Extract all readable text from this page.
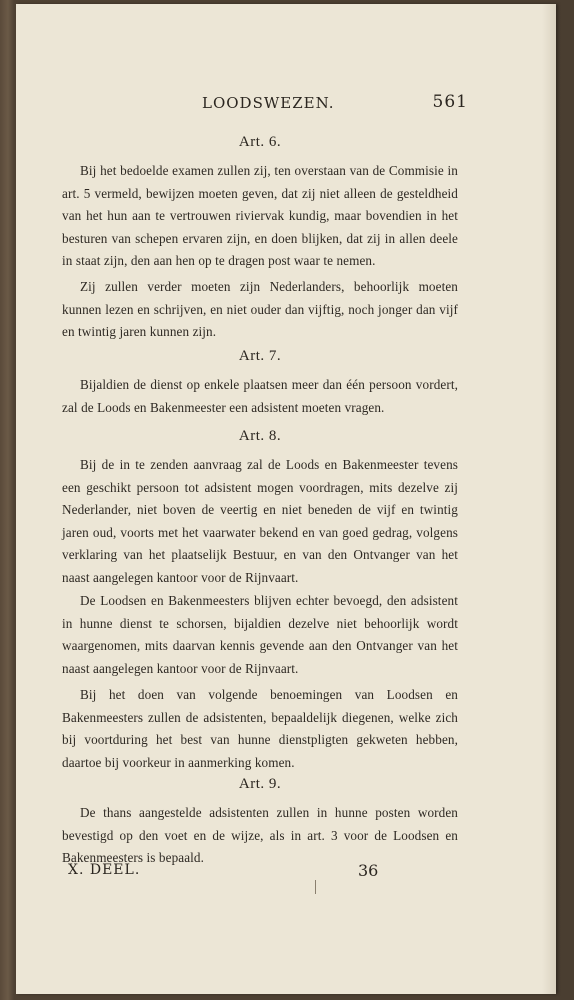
LOODSWEZEN.	561
Art. 6.
Bij het bedoelde examen zullen zij, ten overstaan van de Commisie in art. 5 vermeld, bewijzen moeten geven, dat zij niet alleen de gesteldheid van het hun aan te vertrouwen riviervak kundig, maar bovendien in het besturen van schepen ervaren zijn, en doen blijken, dat zij in allen deele in staat zijn, den aan hen op te dragen post waar te nemen.
Zij zullen verder moeten zijn Nederlanders, behoorlijk moeten kunnen lezen en schrijven, en niet ouder dan vijftig, noch jonger dan vijf en twintig jaren kunnen zijn.
Art. 7.
Bijaldien de dienst op enkele plaatsen meer dan één persoon vordert, zal de Loods en Bakenmeester een adsistent moeten vragen.
Art. 8.
Bij de in te zenden aanvraag zal de Loods en Bakenmeester tevens een geschikt persoon tot adsistent mogen voordragen, mits dezelve zij Nederlander, niet boven de veertig en niet beneden de vijf en twintig jaren oud, voorts met het vaarwater bekend en van goed gedrag, volgens verklaring van het plaatselijk Bestuur, en van den Ontvanger van het naast aangelegen kantoor voor de Rijnvaart.
De Loodsen en Bakenmeesters blijven echter bevoegd, den adsistent in hunne dienst te schorsen, bijaldien dezelve niet behoorlijk wordt waargenomen, mits daarvan kennis gevende aan den Ontvanger van het naast aangelegen kantoor voor de Rijnvaart.
Bij het doen van volgende benoemingen van Loodsen en Bakenmeesters zullen de adsistenten, bepaaldelijk diegenen, welke zich bij voortduring het best van hunne dienstpligten gekweten hebben, daartoe bij voorkeur in aanmerking komen.
Art. 9.
De thans aangestelde adsistenten zullen in hunne posten worden bevestigd op den voet en de wijze, als in art. 3 voor de Loodsen en Bakenmeesters is bepaald.
X. DEEL.	36
